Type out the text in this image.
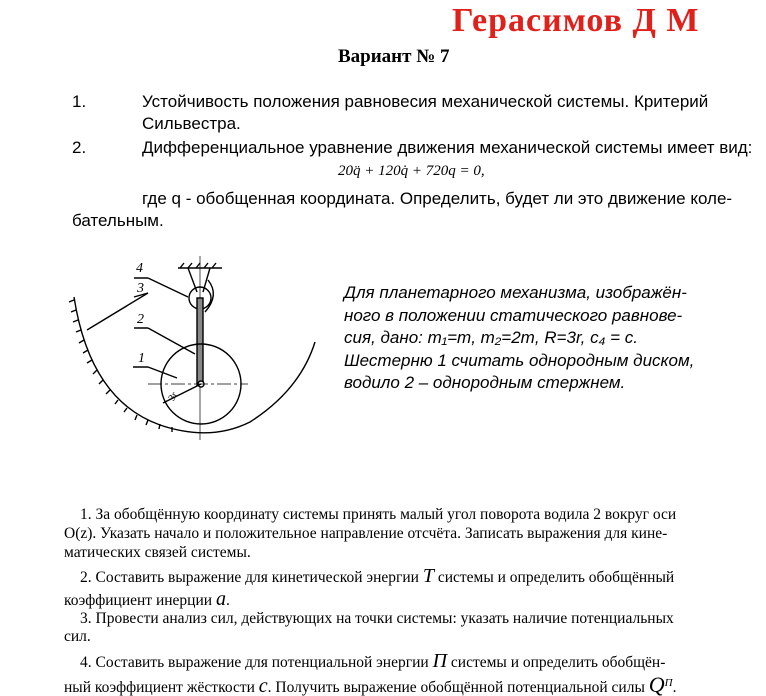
Герасимов Д М
Вариант № 7
1.	Устойчивость положения равновесия механической системы. Критерий
Сильвестра.
2.	Дифференциальное уравнение движения механической системы имеет вид:
20q̈ + 120q̇ + 720q = 0,
где q - обобщенная координата. Определить, будет ли это движение коле-
бательным.
4
3
2
1
3r
Для планетарного механизма, изображён-
ного в положении статического равнове-
сия, дано: m₁=m, m₂=2m, R=3r, c₄ = c.
Шестерню 1 считать однородным диском,
водило 2 – однородным стержнем.
1. За обобщённую координату системы принять малый угол поворота водила 2 вокруг оси
O(z). Указать начало и положительное направление отсчёта. Записать выражения для кине-
матических связей системы.
2. Составить выражение для кинетической энергии T системы и определить обобщённый
коэффициент инерции a.
3. Провести анализ сил, действующих на точки системы: указать наличие потенциальных
сил.
4. Составить выражение для потенциальной энергии П системы и определить обобщён-
ный коэффициент жёсткости c. Получить выражение обобщённой потенциальной силы $Q^П$.
